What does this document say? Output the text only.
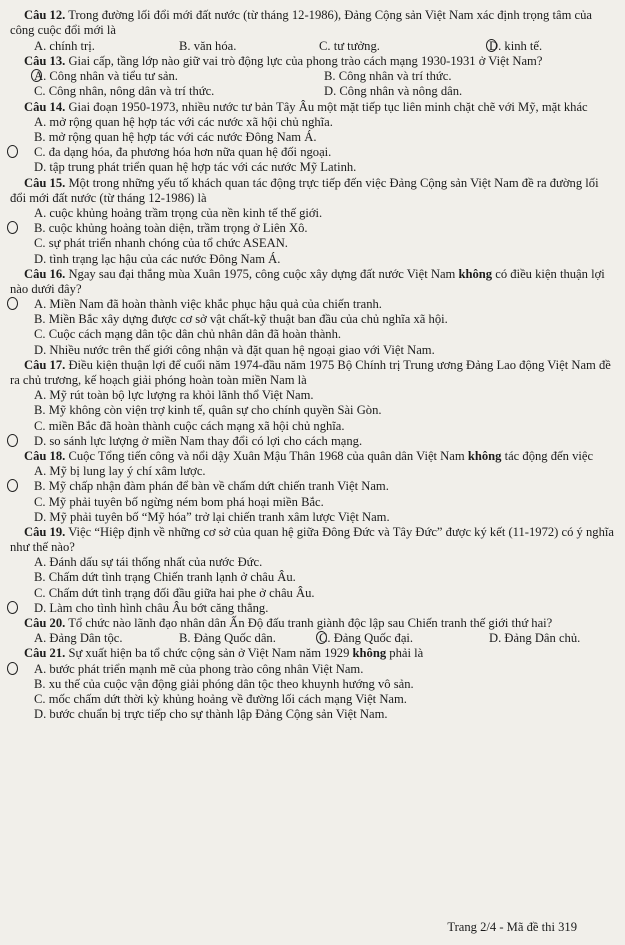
Câu 12. Trong đường lối đổi mới đất nước (từ tháng 12-1986), Đảng Cộng sản Việt Nam xác định trọng tâm của công cuộc đổi mới là

A. chính trị.	B. văn hóa.	C. tư tưởng.	D. kinh tế.

Câu 13. Giai cấp, tầng lớp nào giữ vai trò động lực của phong trào cách mạng 1930-1931 ở Việt Nam?

A. Công nhân và tiểu tư sản.	B. Công nhân và trí thức.
C. Công nhân, nông dân và trí thức.	D. Công nhân và nông dân.

Câu 14. Giai đoạn 1950-1973, nhiều nước tư bản Tây Âu một mặt tiếp tục liên minh chặt chẽ với Mỹ, mặt khác

A. mở rộng quan hệ hợp tác với các nước xã hội chủ nghĩa.
B. mở rộng quan hệ hợp tác với các nước Đông Nam Á.
C. đa dạng hóa, đa phương hóa hơn nữa quan hệ đối ngoại.
D. tập trung phát triển quan hệ hợp tác với các nước Mỹ Latinh.

Câu 15. Một trong những yếu tố khách quan tác động trực tiếp đến việc Đảng Cộng sản Việt Nam đề ra đường lối đổi mới đất nước (từ tháng 12-1986) là

A. cuộc khủng hoảng trầm trọng của nền kinh tế thế giới.
B. cuộc khủng hoảng toàn diện, trầm trọng ở Liên Xô.
C. sự phát triển nhanh chóng của tổ chức ASEAN.
D. tình trạng lạc hậu của các nước Đông Nam Á.

Câu 16. Ngay sau đại thắng mùa Xuân 1975, công cuộc xây dựng đất nước Việt Nam không có điều kiện thuận lợi nào dưới đây?

A. Miền Nam đã hoàn thành việc khắc phục hậu quả của chiến tranh.
B. Miền Bắc xây dựng được cơ sở vật chất-kỹ thuật ban đầu của chủ nghĩa xã hội.
C. Cuộc cách mạng dân tộc dân chủ nhân dân đã hoàn thành.
D. Nhiều nước trên thế giới công nhận và đặt quan hệ ngoại giao với Việt Nam.

Câu 17. Điều kiện thuận lợi để cuối năm 1974-đầu năm 1975 Bộ Chính trị Trung ương Đảng Lao động Việt Nam đề ra chủ trương, kế hoạch giải phóng hoàn toàn miền Nam là

A. Mỹ rút toàn bộ lực lượng ra khỏi lãnh thổ Việt Nam.
B. Mỹ không còn viện trợ kinh tế, quân sự cho chính quyền Sài Gòn.
C. miền Bắc đã hoàn thành cuộc cách mạng xã hội chủ nghĩa.
D. so sánh lực lượng ở miền Nam thay đổi có lợi cho cách mạng.

Câu 18. Cuộc Tổng tiến công và nổi dậy Xuân Mậu Thân 1968 của quân dân Việt Nam không tác động đến việc

A. Mỹ bị lung lay ý chí xâm lược.
B. Mỹ chấp nhận đàm phán để bàn về chấm dứt chiến tranh Việt Nam.
C. Mỹ phải tuyên bố ngừng ném bom phá hoại miền Bắc.
D. Mỹ phải tuyên bố “Mỹ hóa” trở lại chiến tranh xâm lược Việt Nam.

Câu 19. Việc “Hiệp định về những cơ sở của quan hệ giữa Đông Đức và Tây Đức” được ký kết (11-1972) có ý nghĩa như thế nào?

A. Đánh dấu sự tái thống nhất của nước Đức.
B. Chấm dứt tình trạng Chiến tranh lạnh ở châu Âu.
C. Chấm dứt tình trạng đối đầu giữa hai phe ở châu Âu.
D. Làm cho tình hình châu Âu bớt căng thẳng.

Câu 20. Tổ chức nào lãnh đạo nhân dân Ấn Độ đấu tranh giành độc lập sau Chiến tranh thế giới thứ hai?

A. Đảng Dân tộc.	B. Đảng Quốc dân.	C. Đảng Quốc đại.	D. Đảng Dân chủ.

Câu 21. Sự xuất hiện ba tổ chức cộng sản ở Việt Nam năm 1929 không phải là

A. bước phát triển mạnh mẽ của phong trào công nhân Việt Nam.
B. xu thế của cuộc vận động giải phóng dân tộc theo khuynh hướng vô sản.
C. mốc chấm dứt thời kỳ khủng hoảng về đường lối cách mạng Việt Nam.
D. bước chuẩn bị trực tiếp cho sự thành lập Đảng Cộng sản Việt Nam.
Trang 2/4 - Mã đề thi 319
